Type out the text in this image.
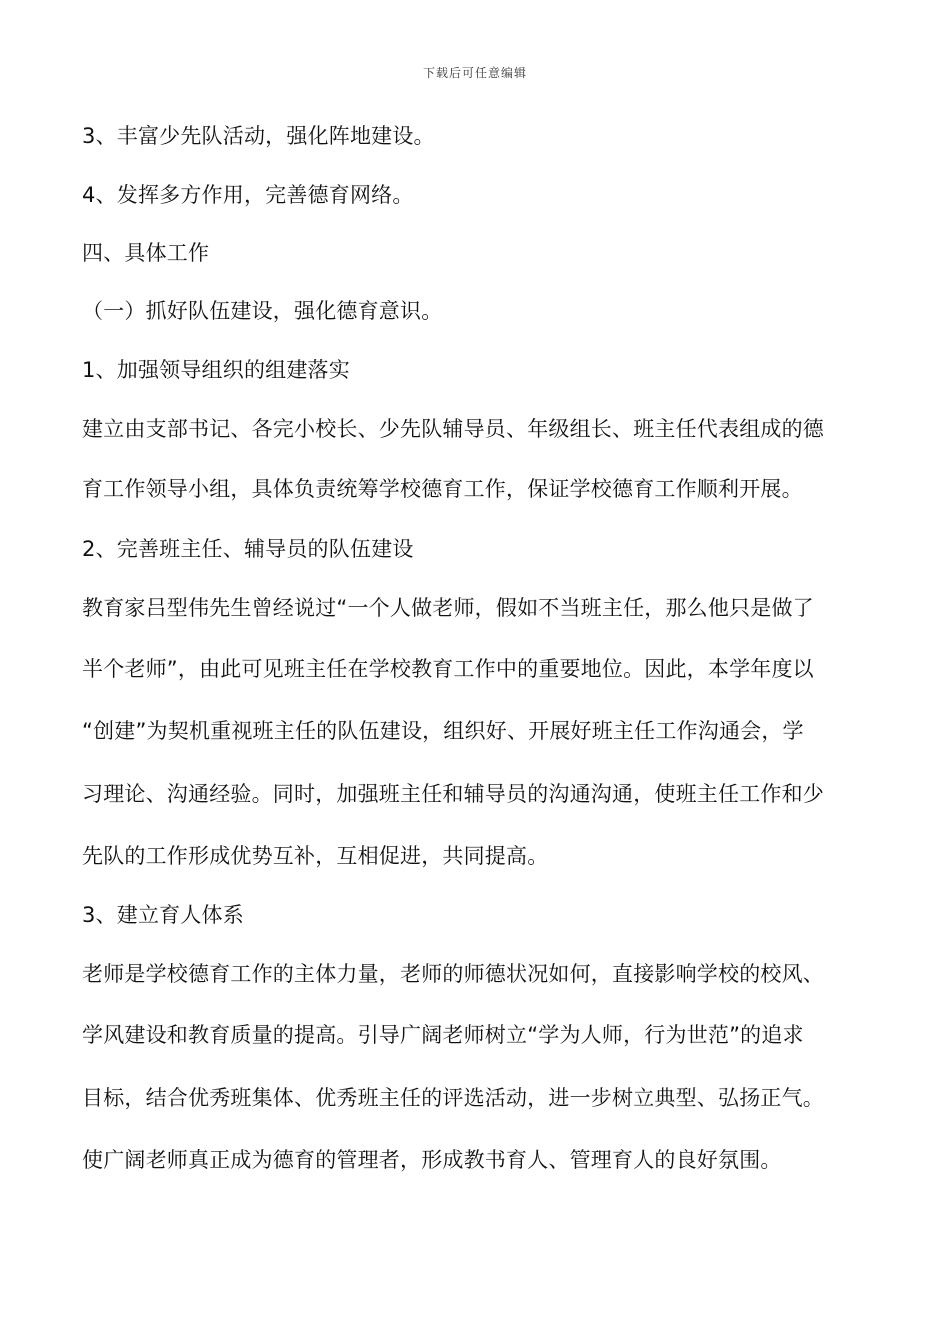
下载后可任意编辑
3、丰富少先队活动，强化阵地建设。
4、发挥多方作用，完善德育网络。
四、具体工作
（一）抓好队伍建设，强化德育意识。
1、加强领导组织的组建落实
建立由支部书记、各完小校长、少先队辅导员、年级组长、班主任代表组成的德
育工作领导小组，具体负责统筹学校德育工作，保证学校德育工作顺利开展。
2、完善班主任、辅导员的队伍建设
教育家吕型伟先生曾经说过“一个人做老师，假如不当班主任，那么他只是做了
半个老师”，由此可见班主任在学校教育工作中的重要地位。因此，本学年度以
“创建”为契机重视班主任的队伍建设，组织好、开展好班主任工作沟通会，学
习理论、沟通经验。同时，加强班主任和辅导员的沟通沟通，使班主任工作和少
先队的工作形成优势互补，互相促进，共同提高。
3、建立育人体系
老师是学校德育工作的主体力量，老师的师德状况如何，直接影响学校的校风、
学风建设和教育质量的提高。引导广阔老师树立“学为人师，行为世范”的追求
目标，结合优秀班集体、优秀班主任的评选活动，进一步树立典型、弘扬正气。
使广阔老师真正成为德育的管理者，形成教书育人、管理育人的良好氛围。
